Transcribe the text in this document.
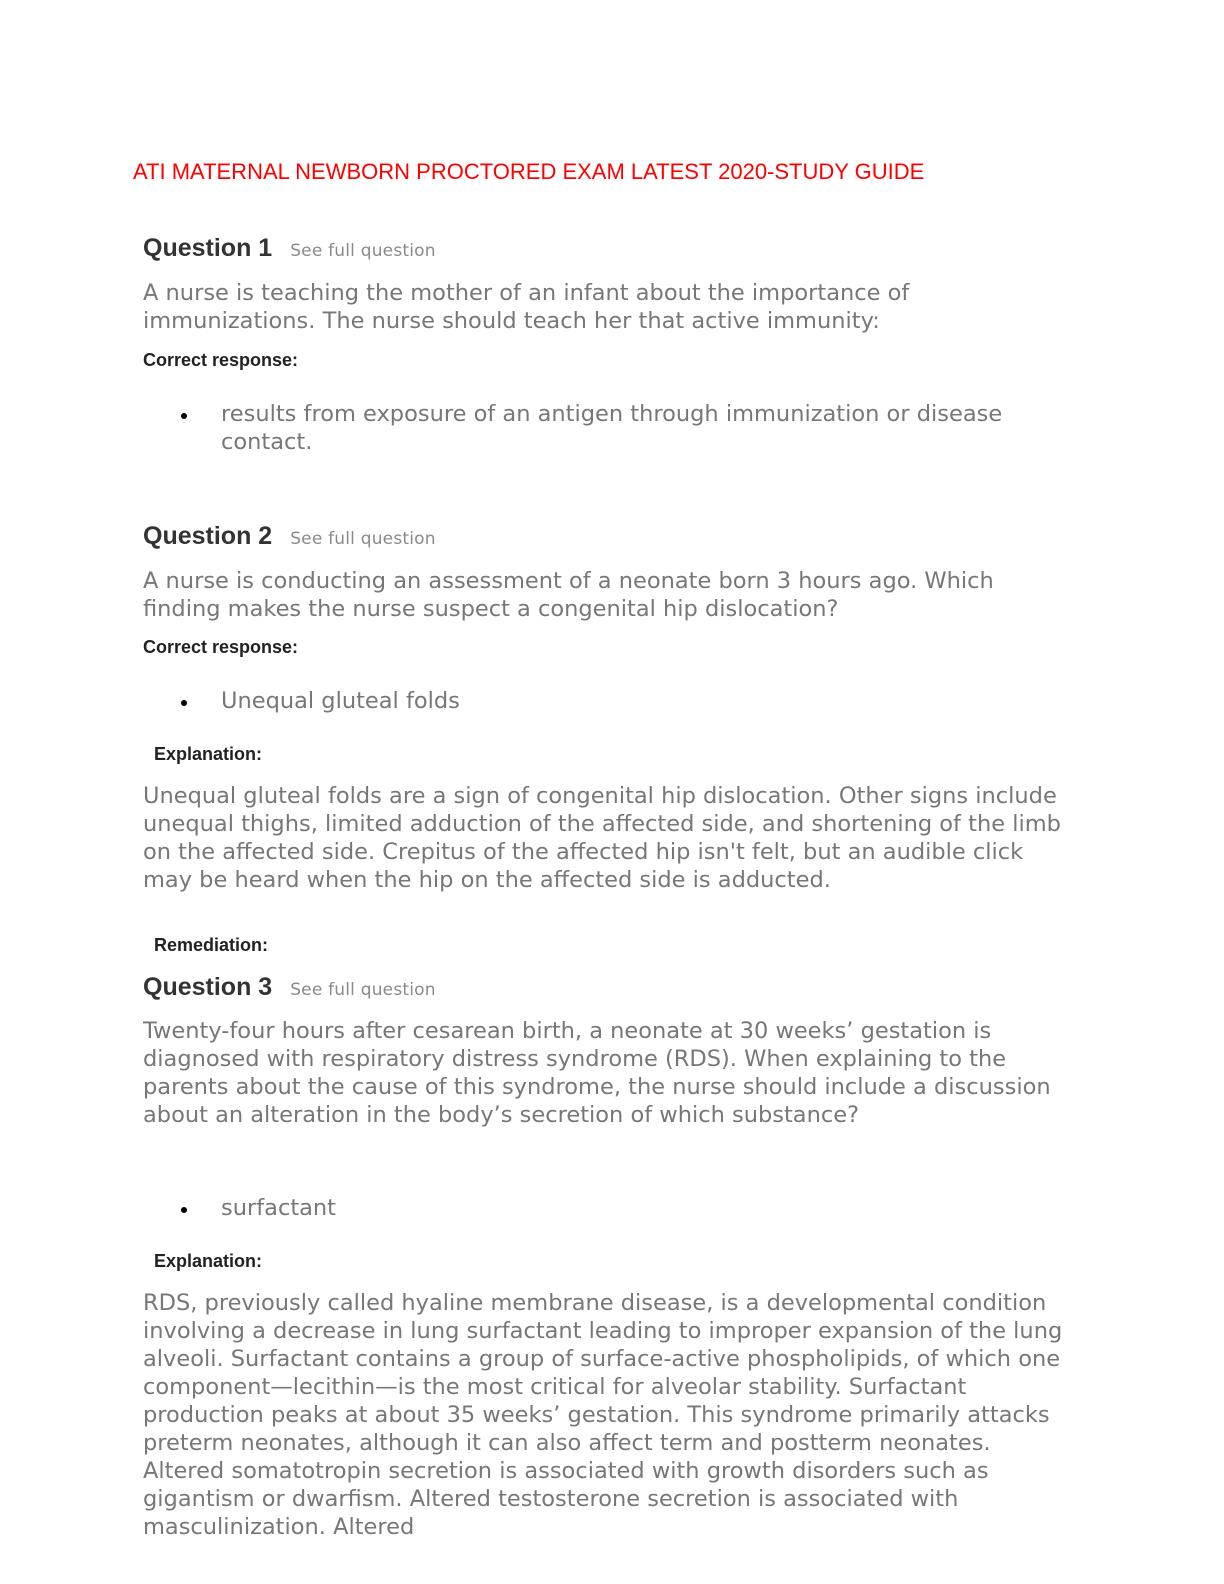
ATI MATERNAL NEWBORN PROCTORED EXAM LATEST 2020-STUDY GUIDE
Question 1 See full question
A nurse is teaching the mother of an infant about the importance of immunizations. The nurse should teach her that active immunity:
Correct response:
results from exposure of an antigen through immunization or disease contact.
Question 2 See full question
A nurse is conducting an assessment of a neonate born 3 hours ago. Which finding makes the nurse suspect a congenital hip dislocation?
Correct response:
Unequal gluteal folds
Explanation:
Unequal gluteal folds are a sign of congenital hip dislocation. Other signs include unequal thighs, limited adduction of the affected side, and shortening of the limb on the affected side. Crepitus of the affected hip isn't felt, but an audible click may be heard when the hip on the affected side is adducted.
Remediation:
Question 3 See full question
Twenty-four hours after cesarean birth, a neonate at 30 weeks’ gestation is diagnosed with respiratory distress syndrome (RDS). When explaining to the parents about the cause of this syndrome, the nurse should include a discussion about an alteration in the body’s secretion of which substance?
surfactant
Explanation:
RDS, previously called hyaline membrane disease, is a developmental condition involving a decrease in lung surfactant leading to improper expansion of the lung alveoli. Surfactant contains a group of surface-active phospholipids, of which one component—lecithin—is the most critical for alveolar stability. Surfactant production peaks at about 35 weeks’ gestation. This syndrome primarily attacks preterm neonates, although it can also affect term and postterm neonates. Altered somatotropin secretion is associated with growth disorders such as gigantism or dwarfism. Altered testosterone secretion is associated with masculinization. Altered
